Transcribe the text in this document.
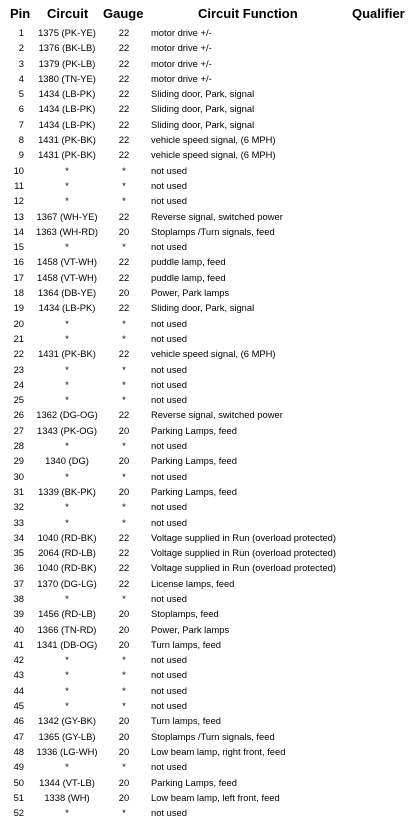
Pin Circuit Gauge	Circuit Function	Qualifier
1	1375 (PK-YE)	22	motor drive +/-
2	1376 (BK-LB)	22	motor drive +/-
3	1379 (PK-LB)	22	motor drive +/-
4	1380 (TN-YE)	22	motor drive +/-
5	1434 (LB-PK)	22	Sliding door, Park, signal
6	1434 (LB-PK)	22	Sliding door, Park, signal
7	1434 (LB-PK)	22	Sliding door, Park, signal
8	1431 (PK-BK)	22	vehicle speed signal, (6 MPH)
9	1431 (PK-BK)	22	vehicle speed signal, (6 MPH)
10	*	*	not used
11	*	*	not used
12	*	*	not used
13	1367 (WH-YE)	22	Reverse signal, switched power
14	1363 (WH-RD)	20	Stoplamps /Turn signals, feed
15	*	*	not used
16	1458 (VT-WH)	22	puddle lamp, feed
17	1458 (VT-WH)	22	puddle lamp, feed
18	1364 (DB-YE)	20	Power, Park lamps
19	1434 (LB-PK)	22	Sliding door, Park, signal
20	*	*	not used
21	*	*	not used
22	1431 (PK-BK)	22	vehicle speed signal, (6 MPH)
23	*	*	not used
24	*	*	not used
25	*	*	not used
26	1362 (DG-OG)	22	Reverse signal, switched power
27	1343 (PK-OG)	20	Parking Lamps, feed
28	*	*	not used
29	1340 (DG)	20	Parking Lamps, feed
30	*	*	not used
31	1339 (BK-PK)	20	Parking Lamps, feed
32	*	*	not used
33	*	*	not used
34	1040 (RD-BK)	22	Voltage supplied in Run (overload protected)
35	2064 (RD-LB)	22	Voltage supplied in Run (overload protected)
36	1040 (RD-BK)	22	Voltage supplied in Run (overload protected)
37	1370 (DG-LG)	22	License lamps, feed
38	*	*	not used
39	1456 (RD-LB)	20	Stoplamps, feed
40	1366 (TN-RD)	20	Power, Park lamps
41	1341 (DB-OG)	20	Turn lamps, feed
42	*	*	not used
43	*	*	not used
44	*	*	not used
45	*	*	not used
46	1342 (GY-BK)	20	Turn lamps, feed
47	1365 (GY-LB)	20	Stoplamps /Turn signals, feed
48	1336 (LG-WH)	20	Low beam lamp, right front, feed
49	*	*	not used
50	1344 (VT-LB)	20	Parking Lamps, feed
51	1338 (WH)	20	Low beam lamp, left front, feed
52	*	*	not used
